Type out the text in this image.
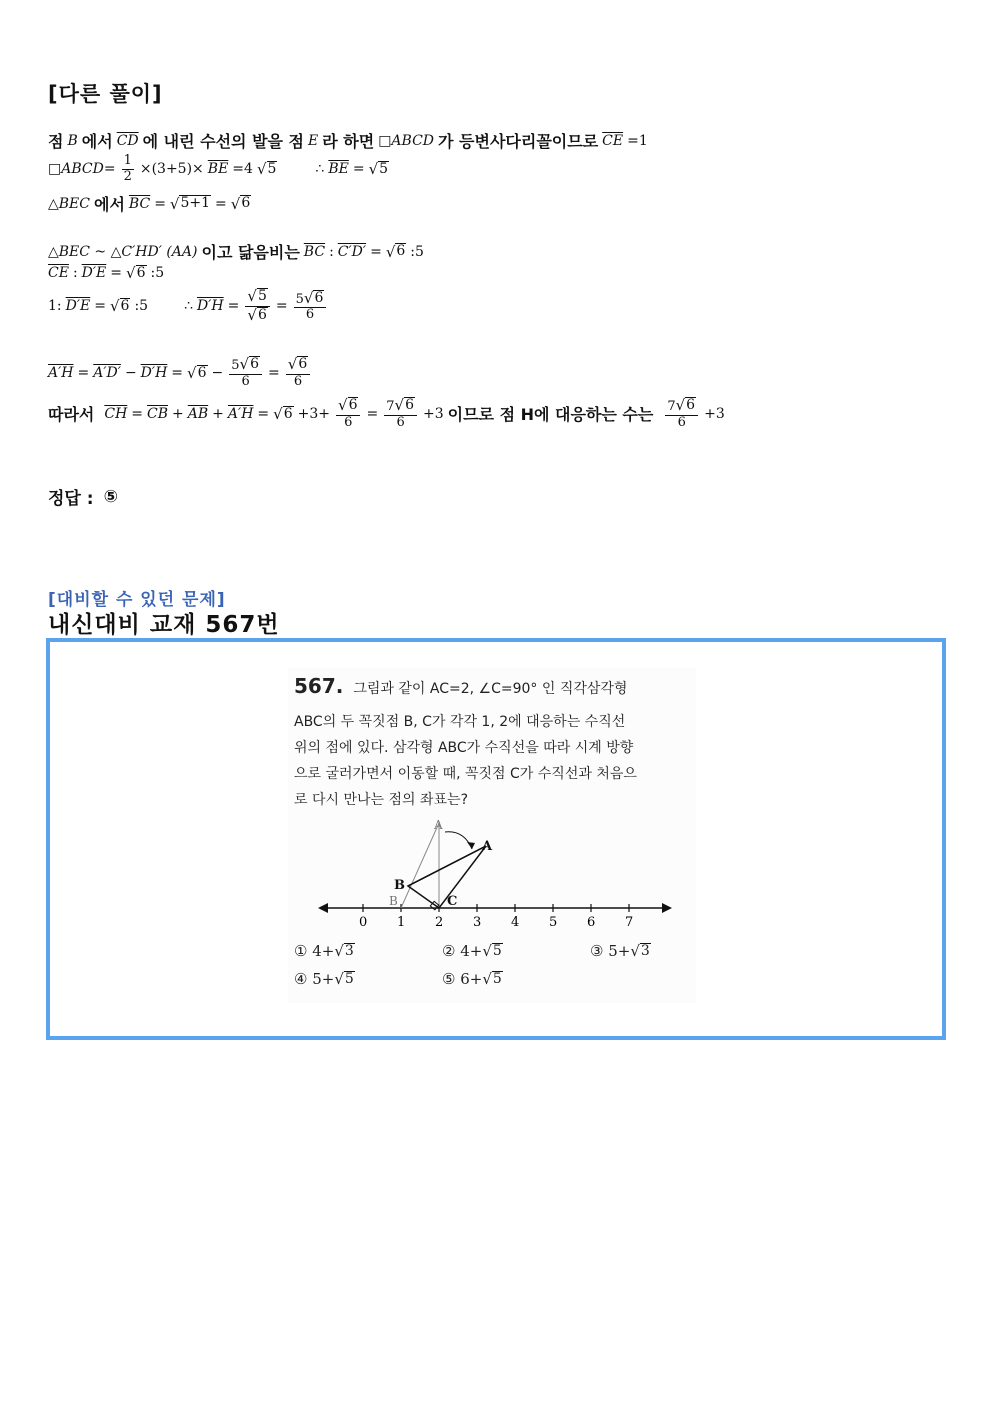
[다른 풀이]
점 B 에서 $\overline{CD}$ 에 내린 수선의 발을 점 E 라 하면 □ABCD 가 등변사다리꼴이므로 $\overline{CE} =1$
□ABCD= $\frac{1}{2} \times(3+5)\times \overline{BE} =4$ √ 5	∴ $\overline{BE}$ = √ 5
△BEC 에서 $\overline{BC}$ = √ 5+1 = √ 6
△BEC ~ △C′HD′ (AA) 이고 닮음비는 $\overline{BC}$ : C′D′ = √ 6 :5
$\overline{CE}$ : D′E = √ 6 :5
1: D′E = √ 6 :5	∴ $D'H = \frac{√ 5}{√ 6} = \frac{5 √ 6}{6}$
A′H = A′D′ − D′H = √ $6 - \frac{5 √ 6}{6} = \frac{√ 6}{6}$
따라서 $\overline{CH} = \overline{CB} + \overline{AB} + A'H$ = √ $6 +3+ \frac{√ 6}{6} = \frac{7 √ 6}{6} +3$ 이므로 점 H에 대응하는 수는 $\frac{7 √ 6}{6} +3$
정답 : ⑤
[대비할 수 있던 문제]
내신대비 교재 567번
567. 그림과 같이 AC=2, ∠C=90° 인 직각삼각형
ABC의 두 꼭짓점 B, C가 각각 1, 2에 대응하는 수직선
위의 점에 있다. 삼각형 ABC가 수직선을 따라 시계 방향
으로 굴러가면서 이동할 때, 꼭짓점 C가 수직선과 처음으
로 다시 만나는 점의 좌표는?
0 1 2 3 4 5 6 7
A
A
B
B	C
① 4+ √ 3	② 4+ √ 5	③ 5+ √ 3
④ 5+ √ 5	⑤ 6+ √ 5
